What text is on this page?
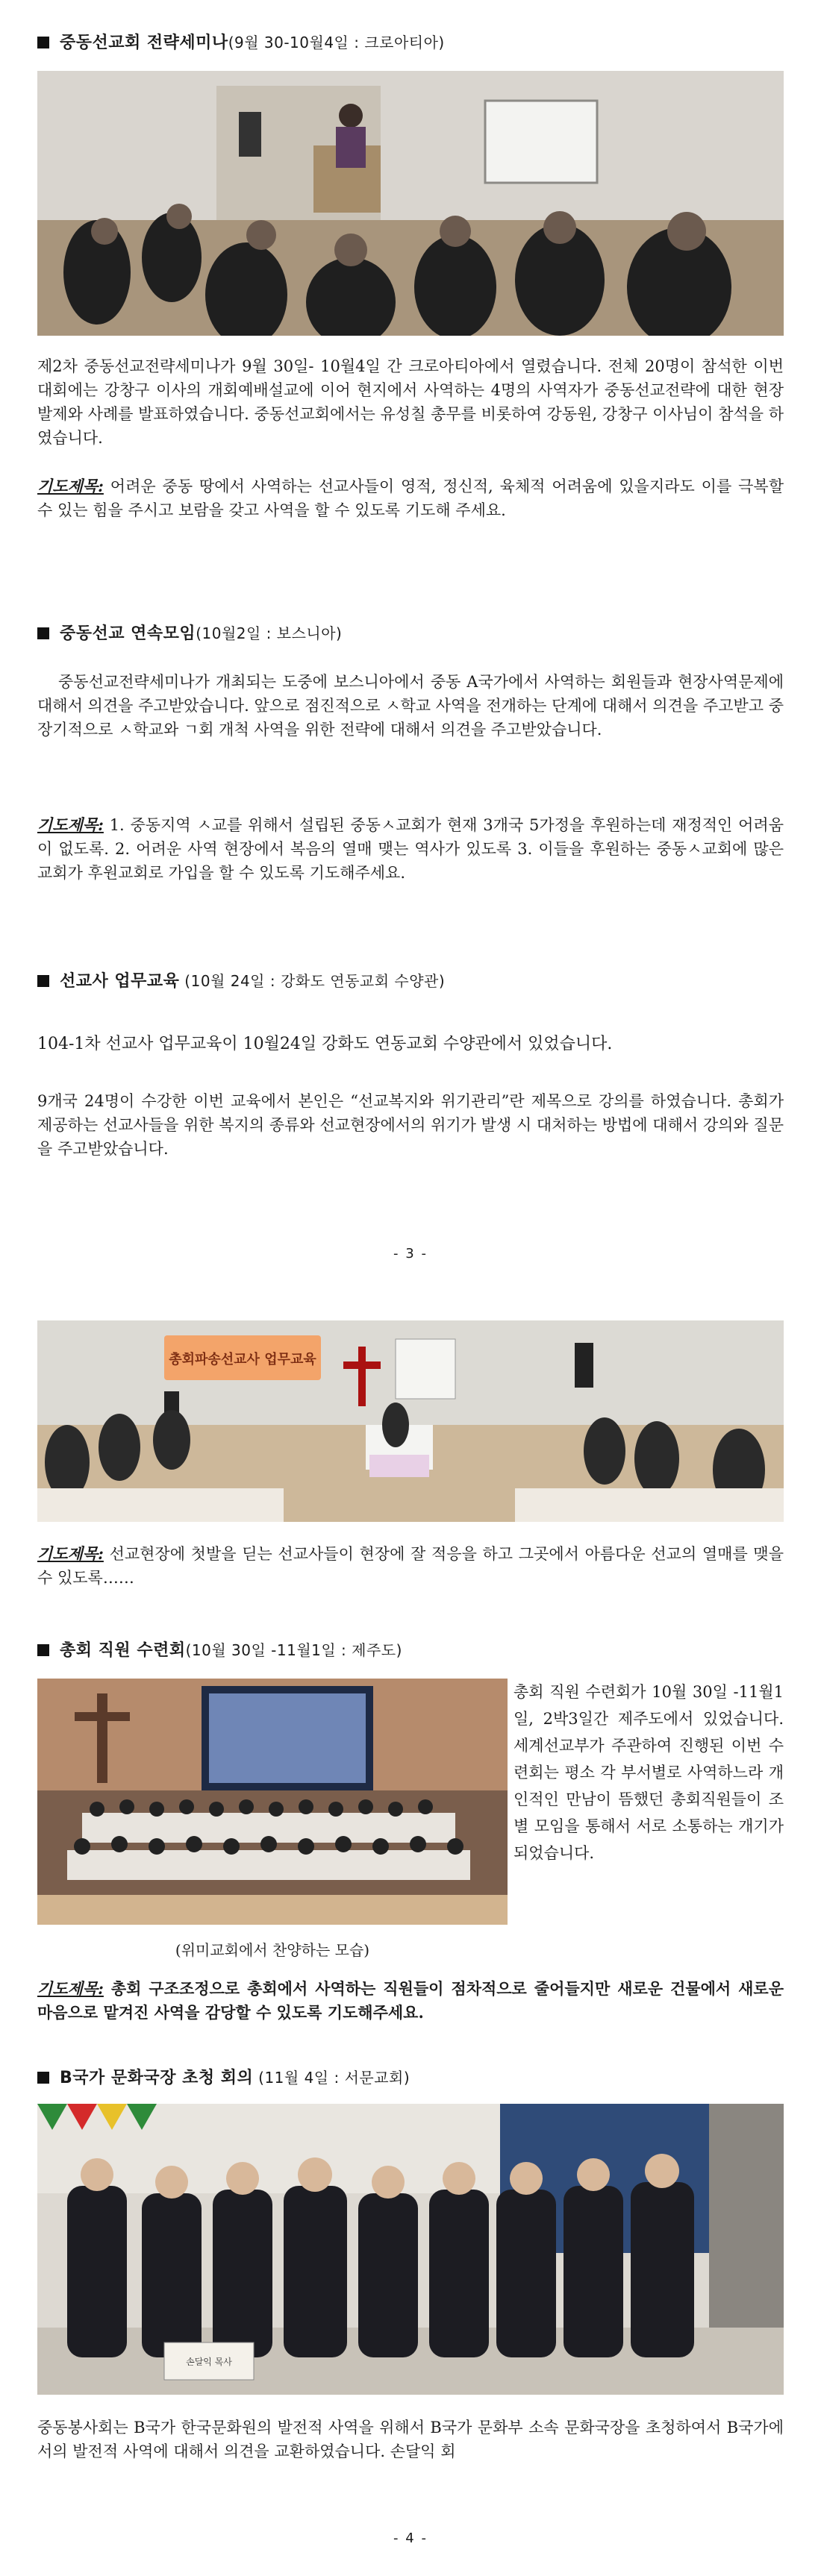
중동선교회 전략세미나(9월 30-10월4일 : 크로아티아)

제2차 중동선교전략세미나가 9월 30일- 10월4일 간 크로아티아에서 열렸습니다. 전체 20명이 참석한 이번 대회에는 강창구 이사의 개회예배설교에 이어 현지에서 사역하는 4명의 사역자가 중동선교전략에 대한 현장 발제와 사례를 발표하였습니다. 중동선교회에서는 유성칠 총무를 비롯하여 강동원, 강창구 이사님이 참석을 하였습니다.

기도제목: 어려운 중동 땅에서 사역하는 선교사들이 영적, 정신적, 육체적 어려움에 있을지라도 이를 극복할 수 있는 힘을 주시고 보람을 갖고 사역을 할 수 있도록 기도해 주세요.

중동선교 연속모임(10월2일 : 보스니아)

중동선교전략세미나가 개최되는 도중에 보스니아에서 중동 A국가에서 사역하는 회원들과 현장사역문제에 대해서 의견을 주고받았습니다. 앞으로 점진적으로 ㅅ학교 사역을 전개하는 단계에 대해서 의견을 주고받고 중장기적으로 ㅅ학교와 ㄱ회 개척 사역을 위한 전략에 대해서 의견을 주고받았습니다.

기도제목: 1. 중동지역 ㅅ교를 위해서 설립된 중동ㅅ교회가 현재 3개국 5가정을 후원하는데 재정적인 어려움이 없도록. 2. 어려운 사역 현장에서 복음의 열매 맺는 역사가 있도록 3. 이들을 후원하는 중동ㅅ교회에 많은 교회가 후원교회로 가입을 할 수 있도록 기도해주세요.

선교사 업무교육 (10월 24일 : 강화도 연동교회 수양관)

104-1차 선교사 업무교육이 10월24일 강화도 연동교회 수양관에서 있었습니다.

9개국 24명이 수강한 이번 교육에서 본인은 “선교복지와 위기관리”란 제목으로 강의를 하였습니다. 총회가 제공하는 선교사들을 위한 복지의 종류와 선교현장에서의 위기가 발생 시 대처하는 방법에 대해서 강의와 질문을 주고받았습니다.

- 3 -
총회파송선교사 업무교육

기도제목: 선교현장에 첫발을 딛는 선교사들이 현장에 잘 적응을 하고 그곳에서 아름다운 선교의 열매를 맺을 수 있도록……

총회 직원 수련회(10월 30일 -11월1일 : 제주도)
(위미교회에서 찬양하는 모습)

총회 직원 수련회가 10월 30일 -11월1일, 2박3일간 제주도에서 있었습니다. 세계선교부가 주관하여 진행된 이번 수련회는 평소 각 부서별로 사역하느라 개인적인 만남이 뜸했던 총회직원들이 조별 모임을 통해서 서로 소통하는 개기가 되었습니다.

기도제목: 총회 구조조정으로 총회에서 사역하는 직원들이 점차적으로 줄어들지만 새로운 건물에서 새로운 마음으로 맡겨진 사역을 감당할 수 있도록 기도해주세요.

B국가 문화국장 초청 회의 (11월 4일 : 서문교회)
손달익 목사

중동봉사회는 B국가 한국문화원의 발전적 사역을 위해서 B국가 문화부 소속 문화국장을 초청하여서 B국가에서의 발전적 사역에 대해서 의견을 교환하였습니다. 손달익 회

- 4 -
